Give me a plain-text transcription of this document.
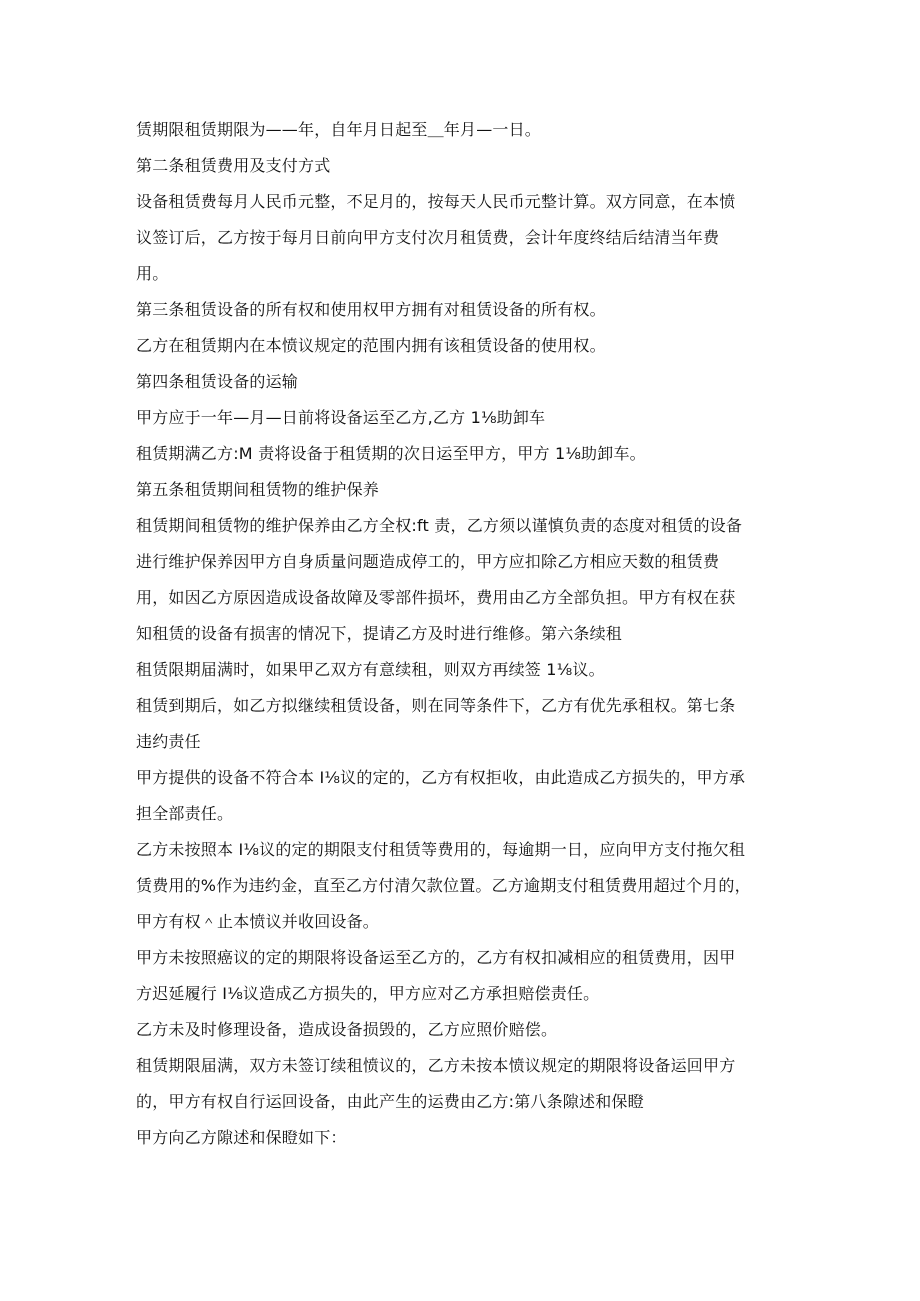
赁期限租赁期限为——年，自年月日起至＿年月—一日。
第二条租赁费用及支付方式
设备租赁费每月人民币元整，不足月的，按每天人民币元整计算。双方同意，在本愤
议签订后，乙方按于每月日前向甲方支付次月租赁费，会计年度终结后结清当年费
用。
第三条租赁设备的所有权和使用权甲方拥有对租赁设备的所有权。
乙方在租赁期内在本愤议规定的范围内拥有该租赁设备的使用权。
第四条租赁设备的运输
甲方应于一年—月—日前将设备运至乙方,乙方 1⅛助卸车
租赁期满乙方:M 责将设备于租赁期的次日运至甲方，甲方 1⅛助卸车。
第五条租赁期间租赁物的维护保养
租赁期间租赁物的维护保养由乙方全权:ft 责，乙方须以谨慎负责的态度对租赁的设备
进行维护保养因甲方自身质量问题造成停工的，甲方应扣除乙方相应天数的租赁费
用，如因乙方原因造成设备故障及零部件损坏，费用由乙方全部负担。甲方有权在获
知租赁的设备有损害的情况下，提请乙方及时进行维修。第六条续租
租赁限期届满时，如果甲乙双方有意续租，则双方再续签 1⅛议。
租赁到期后，如乙方拟继续租赁设备，则在同等条件下，乙方有优先承租权。第七条
违约责任
甲方提供的设备不符合本 I⅛议的定的，乙方有权拒收，由此造成乙方损失的，甲方承
担全部责任。
乙方未按照本 I⅛议的定的期限支付租赁等费用的，每逾期一日，应向甲方支付拖欠租
赁费用的%作为违约金，直至乙方付清欠款位置。乙方逾期支付租赁费用超过个月的，
甲方有权＾止本愤议并收回设备。
甲方未按照癌议的定的期限将设备运至乙方的，乙方有权扣减相应的租赁费用，因甲
方迟延履行 I⅛议造成乙方损失的，甲方应对乙方承担赔偿责任。
乙方未及时修理设备，造成设备损毁的，乙方应照价赔偿。
租赁期限届满，双方未签订续租愤议的，乙方未按本愤议规定的期限将设备运回甲方
的，甲方有权自行运回设备，由此产生的运费由乙方:第八条隙述和保瞪
甲方向乙方隙述和保瞪如下：
